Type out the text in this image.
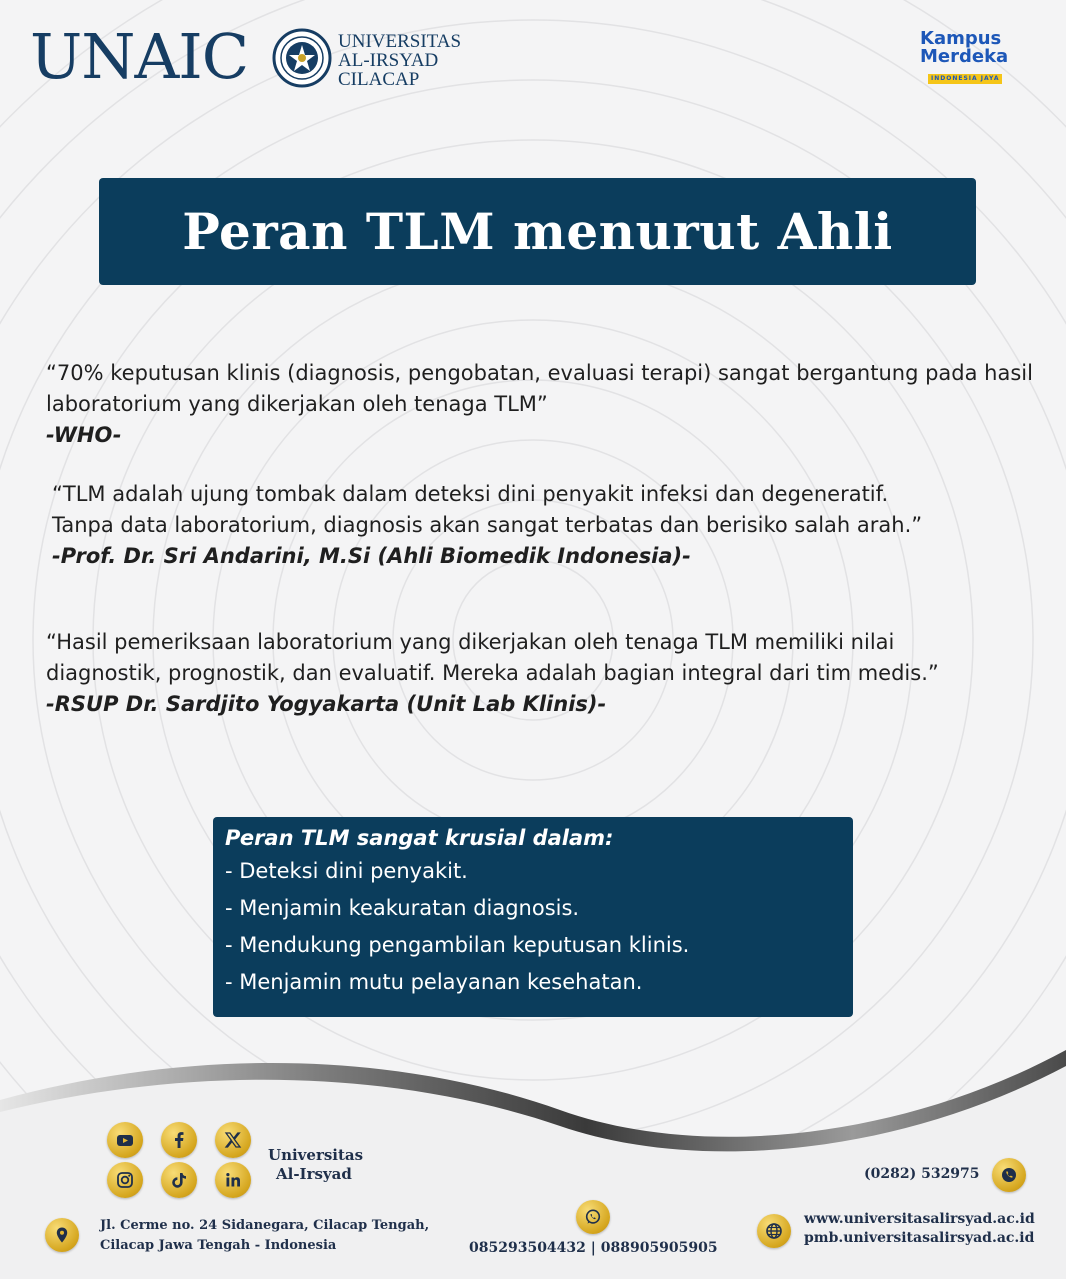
UNAIC	UNIVERSITAS
AL-IRSYAD
CILACAP
Kampus
Merdeka
INDONESIA JAYA
Peran TLM menurut Ahli
“70% keputusan klinis (diagnosis, pengobatan, evaluasi terapi) sangat bergantung pada hasil laboratorium yang dikerjakan oleh tenaga TLM”
-WHO-
“TLM adalah ujung tombak dalam deteksi dini penyakit infeksi dan degeneratif. Tanpa data laboratorium, diagnosis akan sangat terbatas dan berisiko salah arah.”
-Prof. Dr. Sri Andarini, M.Si (Ahli Biomedik Indonesia)-
“Hasil pemeriksaan laboratorium yang dikerjakan oleh tenaga TLM memiliki nilai diagnostik, prognostik, dan evaluatif. Mereka adalah bagian integral dari tim medis.”
-RSUP Dr. Sardjito Yogyakarta (Unit Lab Klinis)-
Peran TLM sangat krusial dalam:
- Deteksi dini penyakit.
- Menjamin keakuratan diagnosis.
- Mendukung pengambilan keputusan klinis.
- Menjamin mutu pelayanan kesehatan.
Universitas
Al-Irsyad	(0282) 532975
Jl. Cerme no. 24 Sidanegara, Cilacap Tengah,
Cilacap Jawa Tengah - Indonesia	085293504432 | 088905905905
www.universitasalirsyad.ac.id
pmb.universitasalirsyad.ac.id
